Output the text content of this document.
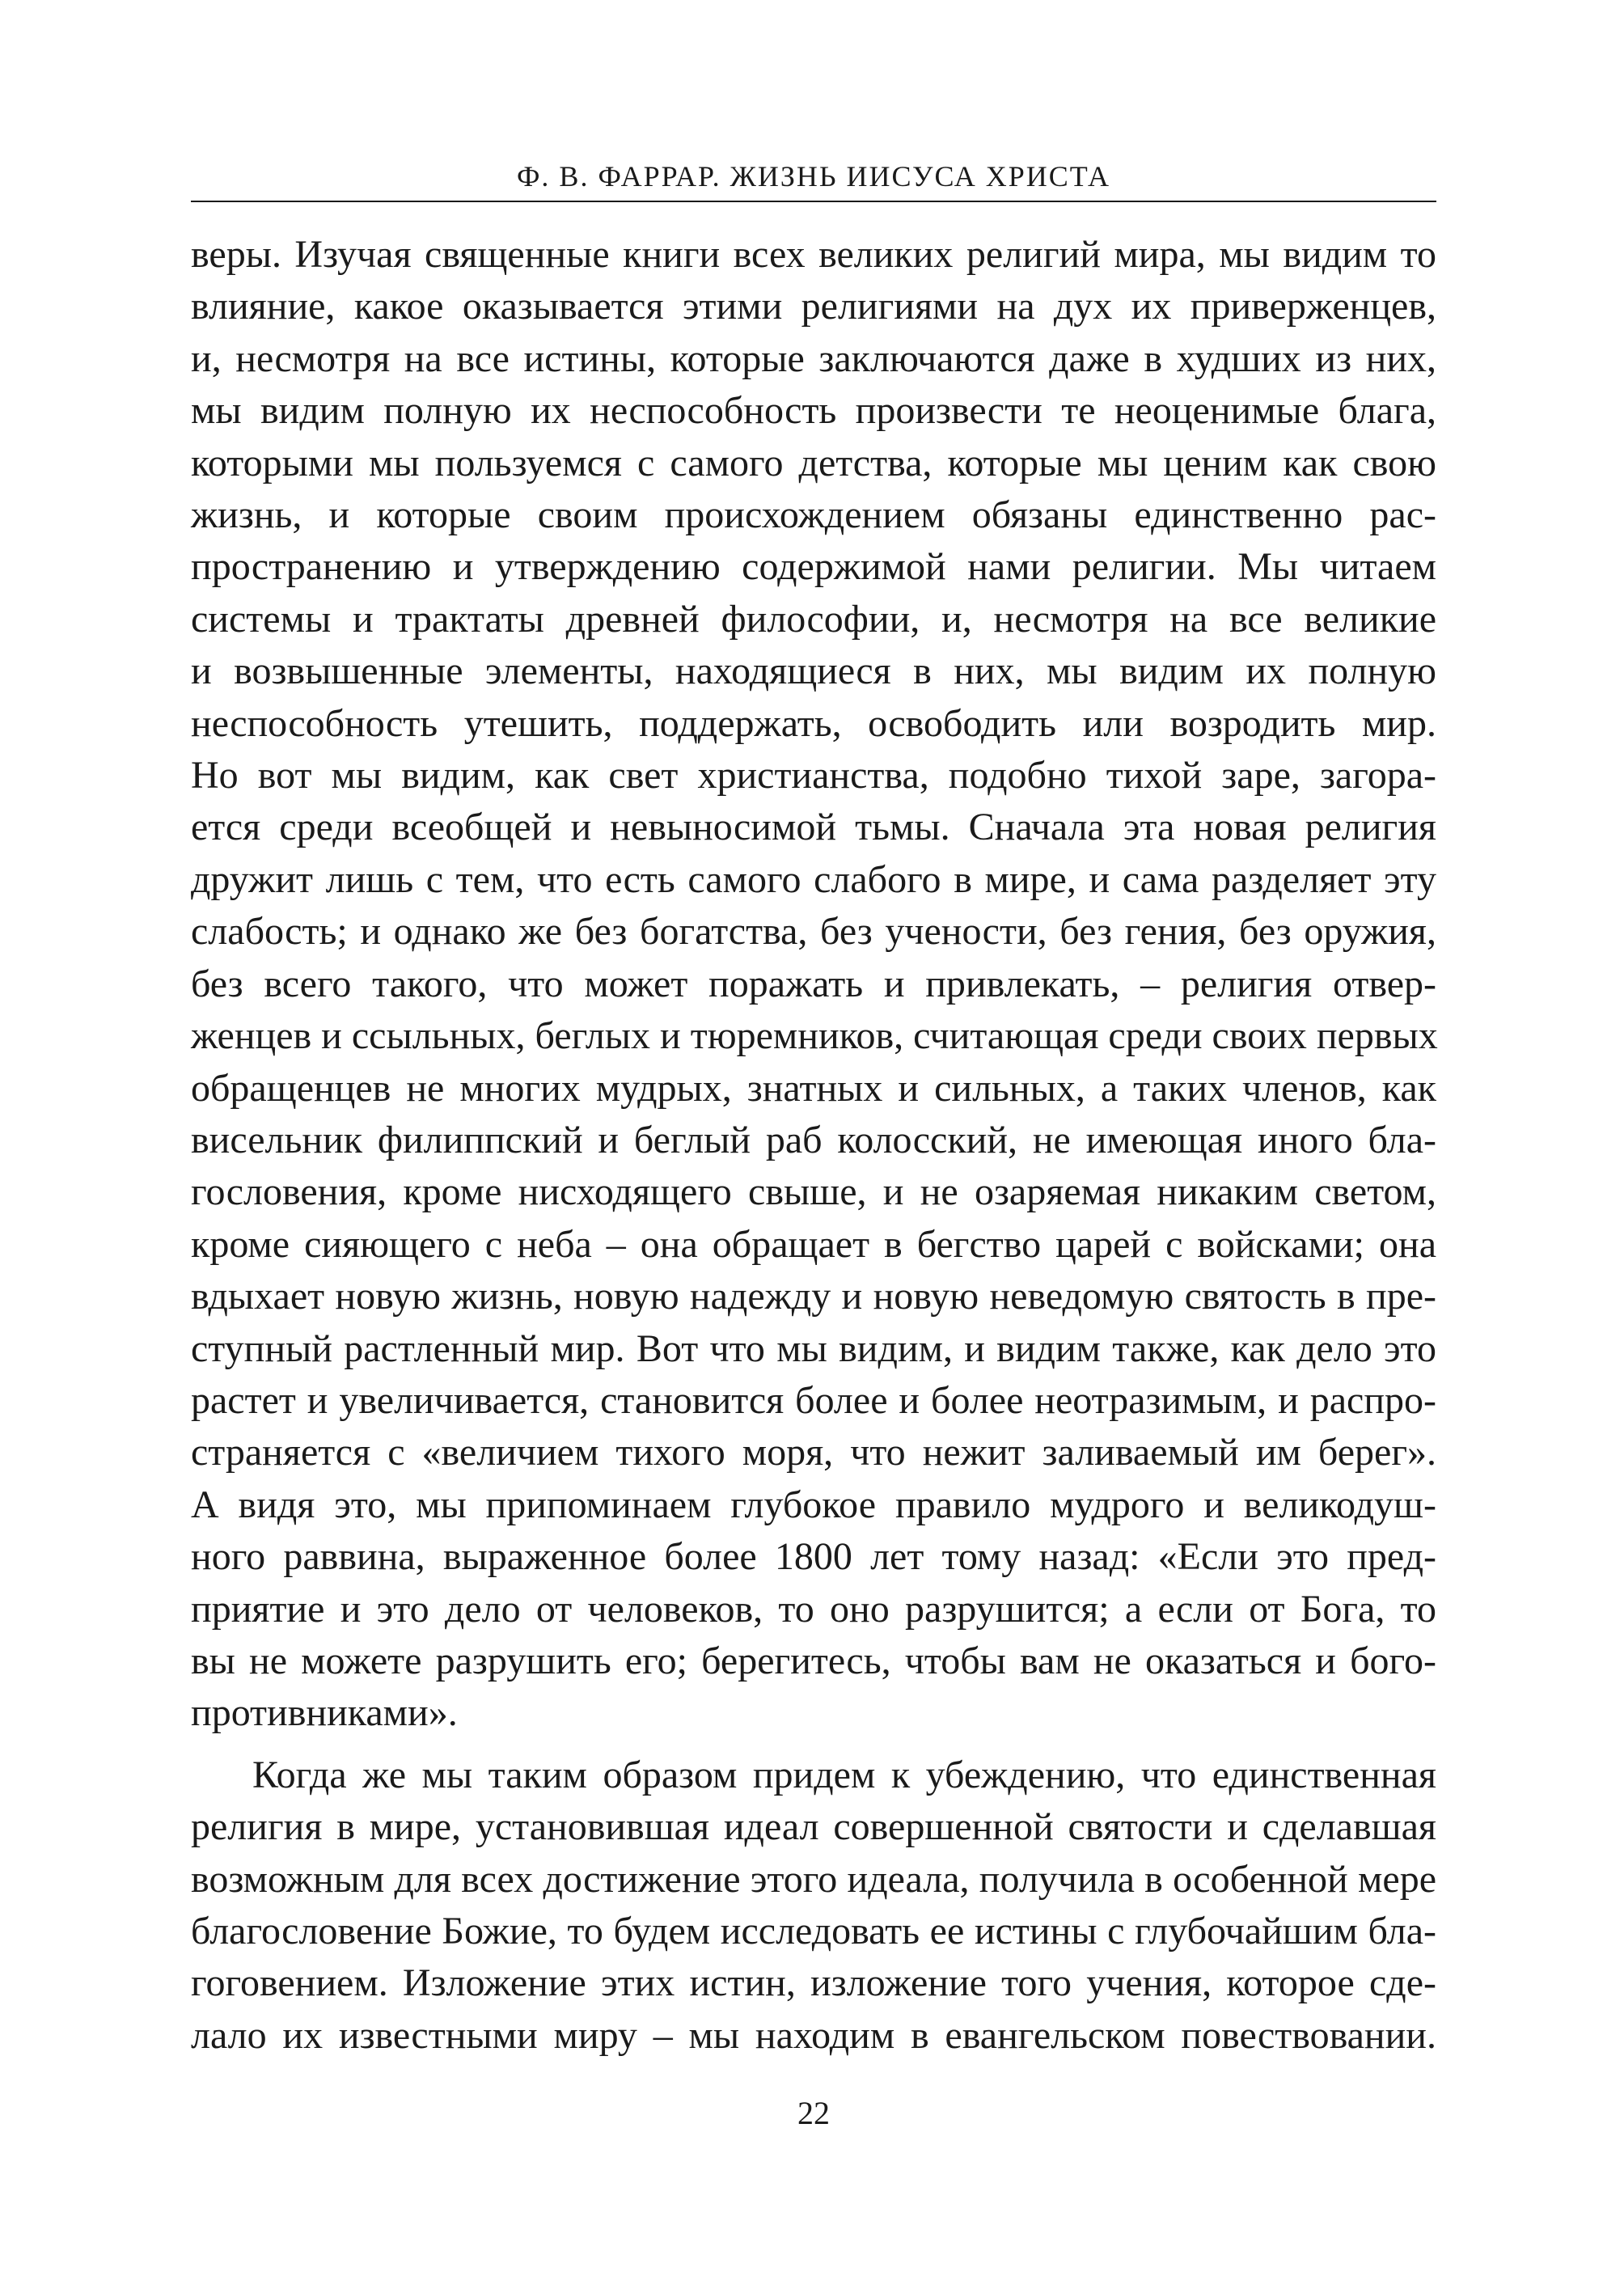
Ф. В. ФАРРАР. ЖИЗНЬ ИИСУСА ХРИСТА

веры. Изучая священные книги всех великих религий мира, мы видим то

влияние, какое оказывается этими религиями на дух их приверженцев,

и, несмотря на все истины, которые заключаются даже в худших из них,

мы видим полную их неспособность произвести те неоценимые блага,

которыми мы пользуемся с самого детства, которые мы ценим как свою

жизнь, и которые своим происхождением обязаны единственно рас-

пространению и утверждению содержимой нами религии. Мы читаем

системы и трактаты древней философии, и, несмотря на все великие

и возвышенные элементы, находящиеся в них, мы видим их полную

неспособность утешить, поддержать, освободить или возродить мир.

Но вот мы видим, как свет христианства, подобно тихой заре, загора-

ется среди всеобщей и невыносимой тьмы. Сначала эта новая религия

дружит лишь с тем, что есть самого слабого в мире, и сама разделяет эту

слабость; и однако же без богатства, без учености, без гения, без оружия,

без всего такого, что может поражать и привлекать, – религия отвер-

женцев и ссыльных, беглых и тюремников, считающая среди своих первых

обращенцев не многих мудрых, знатных и сильных, а таких членов, как

висельник филиппский и беглый раб колосский, не имеющая иного бла-

гословения, кроме нисходящего свыше, и не озаряемая никаким светом,

кроме сияющего с неба – она обращает в бегство царей с войсками; она

вдыхает новую жизнь, новую надежду и новую неведомую святость в пре-

ступный растленный мир. Вот что мы видим, и видим также, как дело это

растет и увеличивается, становится более и более неотразимым, и распро-

страняется с «величием тихого моря, что нежит заливаемый им берег».

А видя это, мы припоминаем глубокое правило мудрого и великодуш-

ного раввина, выраженное более 1800 лет тому назад: «Если это пред-

приятие и это дело от человеков, то оно разрушится; а если от Бога, то

вы не можете разрушить его; берегитесь, чтобы вам не оказаться и бого-

противниками».

Когда же мы таким образом придем к убеждению, что единственная

религия в мире, установившая идеал совершенной святости и сделавшая

возможным для всех достижение этого идеала, получила в особенной мере

благословение Божие, то будем исследовать ее истины с глубочайшим бла-

гоговением. Изложение этих истин, изложение того учения, которое сде-

лало их известными миру – мы находим в евангельском повествовании.

22
